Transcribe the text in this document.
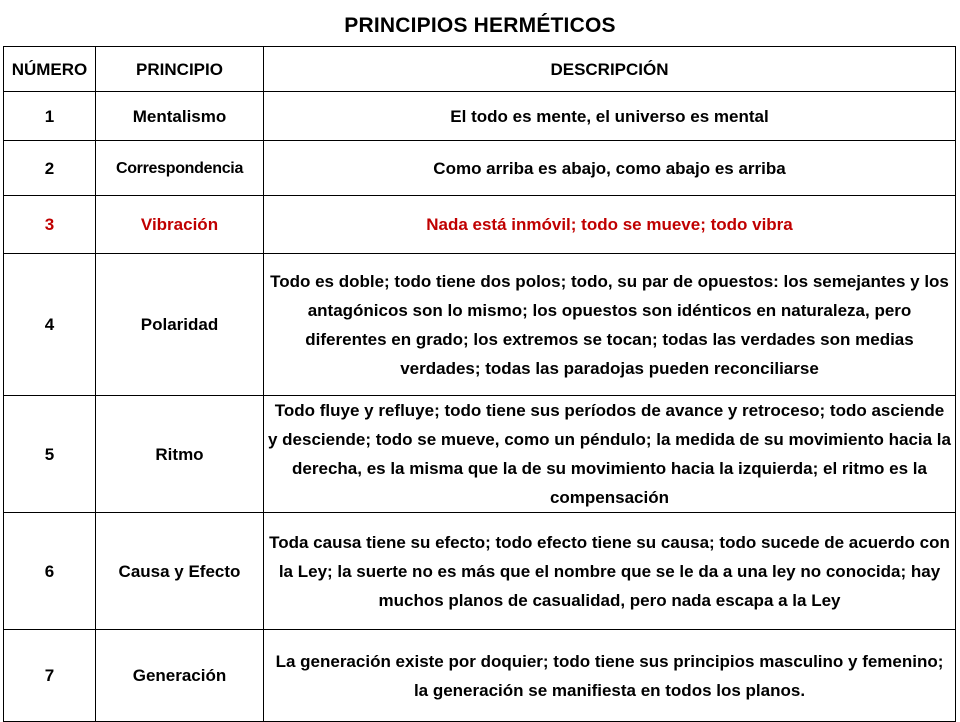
PRINCIPIOS HERMÉTICOS
NÚMERO	PRINCIPIO	DESCRIPCIÓN
1	Mentalismo	El todo es mente, el universo es mental
2	Correspondencia	Como arriba es abajo, como abajo es arriba
3	Vibración	Nada está inmóvil; todo se mueve; todo vibra
4	Polaridad	Todo es doble; todo tiene dos polos; todo, su par de opuestos: los semejantes y los antagónicos son lo mismo; los opuestos son idénticos en naturaleza, pero diferentes en grado; los extremos se tocan; todas las verdades son medias verdades; todas las paradojas pueden reconciliarse
5	Ritmo	Todo fluye y refluye; todo tiene sus períodos de avance y retroceso; todo asciende y desciende; todo se mueve, como un péndulo; la medida de su movimiento hacia la derecha, es la misma que la de su movimiento hacia la izquierda; el ritmo es la compensación
6	Causa y Efecto	Toda causa tiene su efecto; todo efecto tiene su causa; todo sucede de acuerdo con la Ley; la suerte no es más que el nombre que se le da a una ley no conocida; hay muchos planos de casualidad, pero nada escapa a la Ley
7	Generación	La generación existe por doquier; todo tiene sus principios masculino y femenino; la generación se manifiesta en todos los planos.
